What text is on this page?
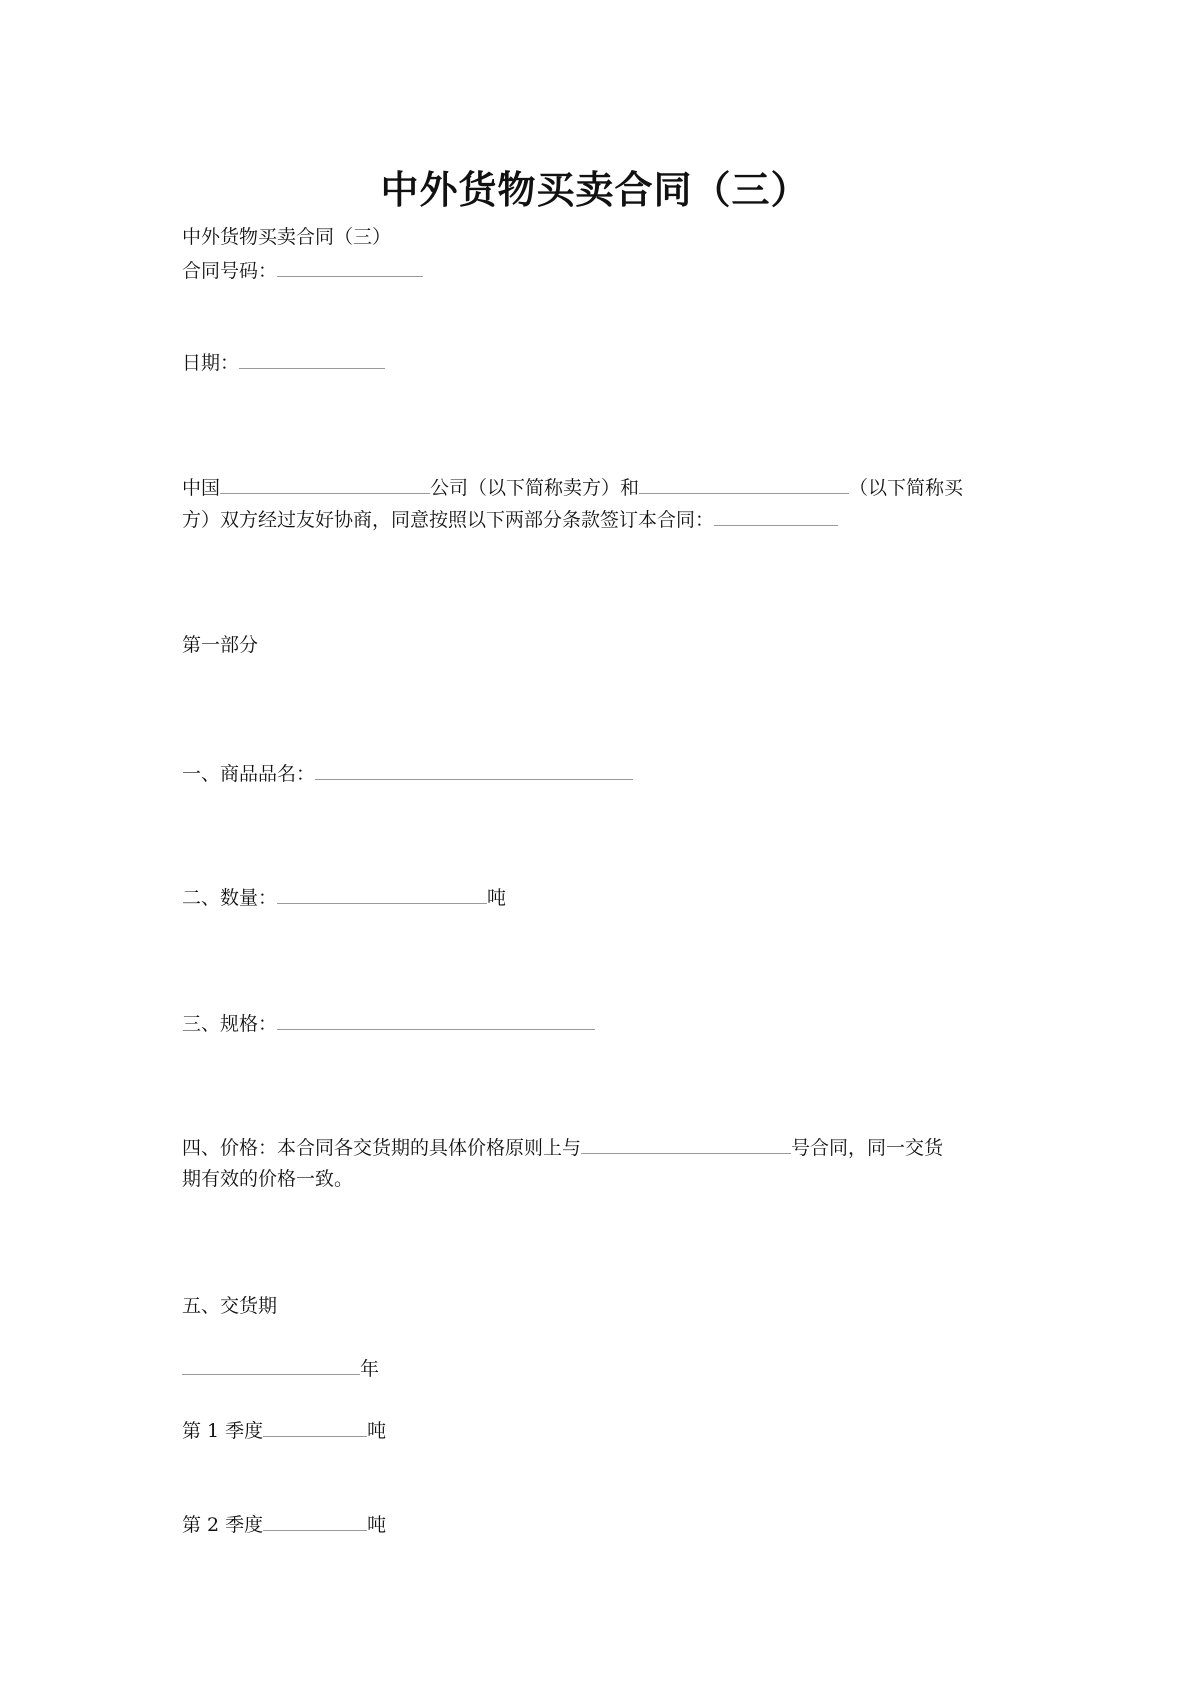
中外货物买卖合同（三）
中外货物买卖合同（三）
合同号码：
日期：
中国	公司（以下简称卖方）和	（以下简称买
方）双方经过友好协商，同意按照以下两部分条款签订本合同：
第一部分
一、商品品名：
二、数量：	吨
三、规格：
四、价格：本合同各交货期的具体价格原则上与	号合同，同一交货
期有效的价格一致。
五、交货期
年
第 1 季度	吨
第 2 季度	吨
